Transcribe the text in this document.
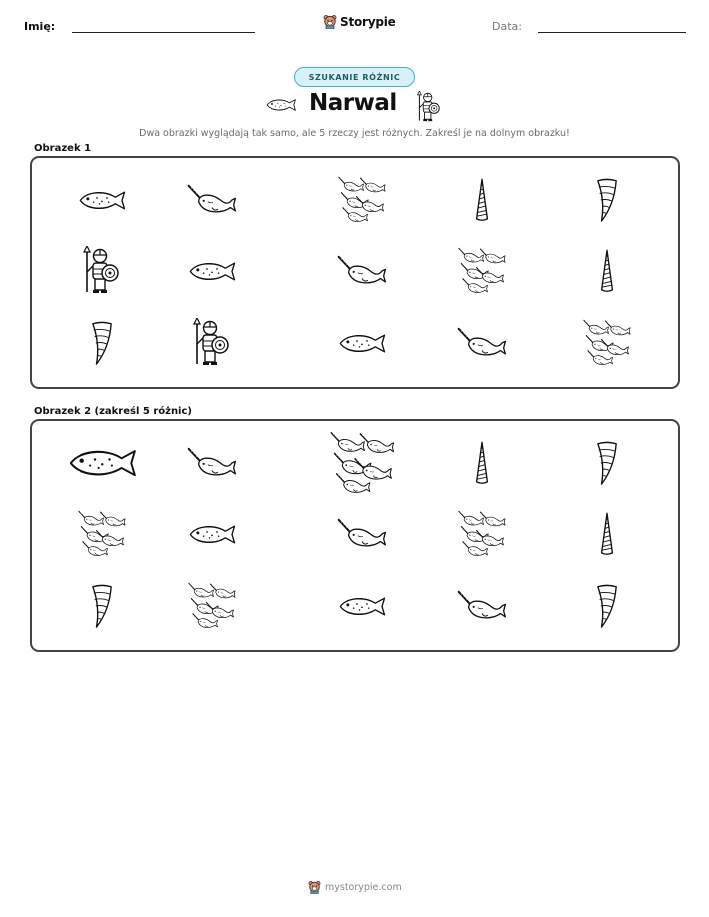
Imię:	Storypie	Data:
SZUKANIE RÓŻNIC
Narwal
Dwa obrazki wyglądają tak samo, ale 5 rzeczy jest różnych. Zakreśl je na dolnym obrazku!
Obrazek 1
Obrazek 2 (zakreśl 5 różnic)
mystorypie.com
